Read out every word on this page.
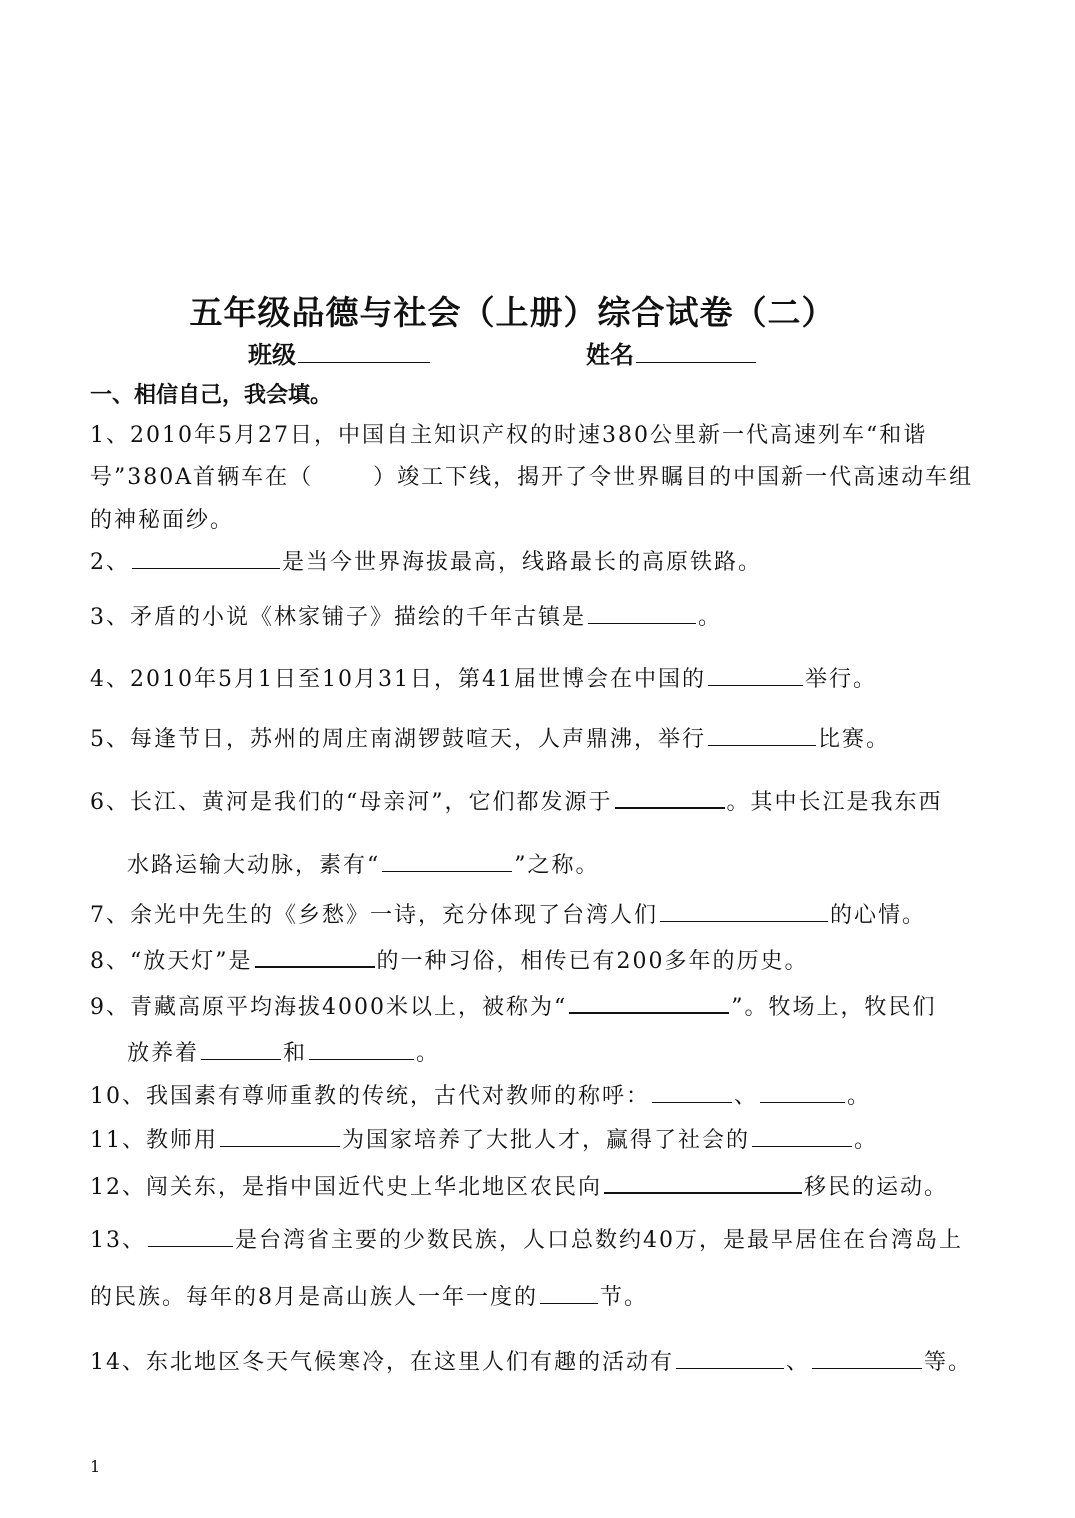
五年级品德与社会（上册）综合试卷（二）
班级	姓名
一、相信自己，我会填。
1、2010年5月27日，中国自主知识产权的时速380公里新一代高速列车“和谐
号”380A首辆车在（	）竣工下线，揭开了令世界瞩目的中国新一代高速动车组
的神秘面纱。
2、	是当今世界海拔最高，线路最长的高原铁路。
3、矛盾的小说《林家铺子》描绘的千年古镇是	。
4、2010年5月1日至10月31日，第41届世博会在中国的	举行。
5、每逢节日，苏州的周庄南湖锣鼓喧天，人声鼎沸，举行	比赛。
6、长江、黄河是我们的“母亲河”，它们都发源于	。其中长江是我东西
水路运输大动脉，素有“	”之称。
7、余光中先生的《乡愁》一诗，充分体现了台湾人们	的心情。
8、“放天灯”是	的一种习俗，相传已有200多年的历史。
9、青藏高原平均海拔4000米以上，被称为“	”。牧场上，牧民们
放养着	和	。
10、我国素有尊师重教的传统，古代对教师的称呼：	、	。
11、教师用	为国家培养了大批人才，赢得了社会的	。
12、闯关东，是指中国近代史上华北地区农民向	移民的运动。
13、	是台湾省主要的少数民族，人口总数约40万，是最早居住在台湾岛上
的民族。每年的8月是高山族人一年一度的	节。
14、东北地区冬天气候寒冷，在这里人们有趣的活动有	、	等。
1
